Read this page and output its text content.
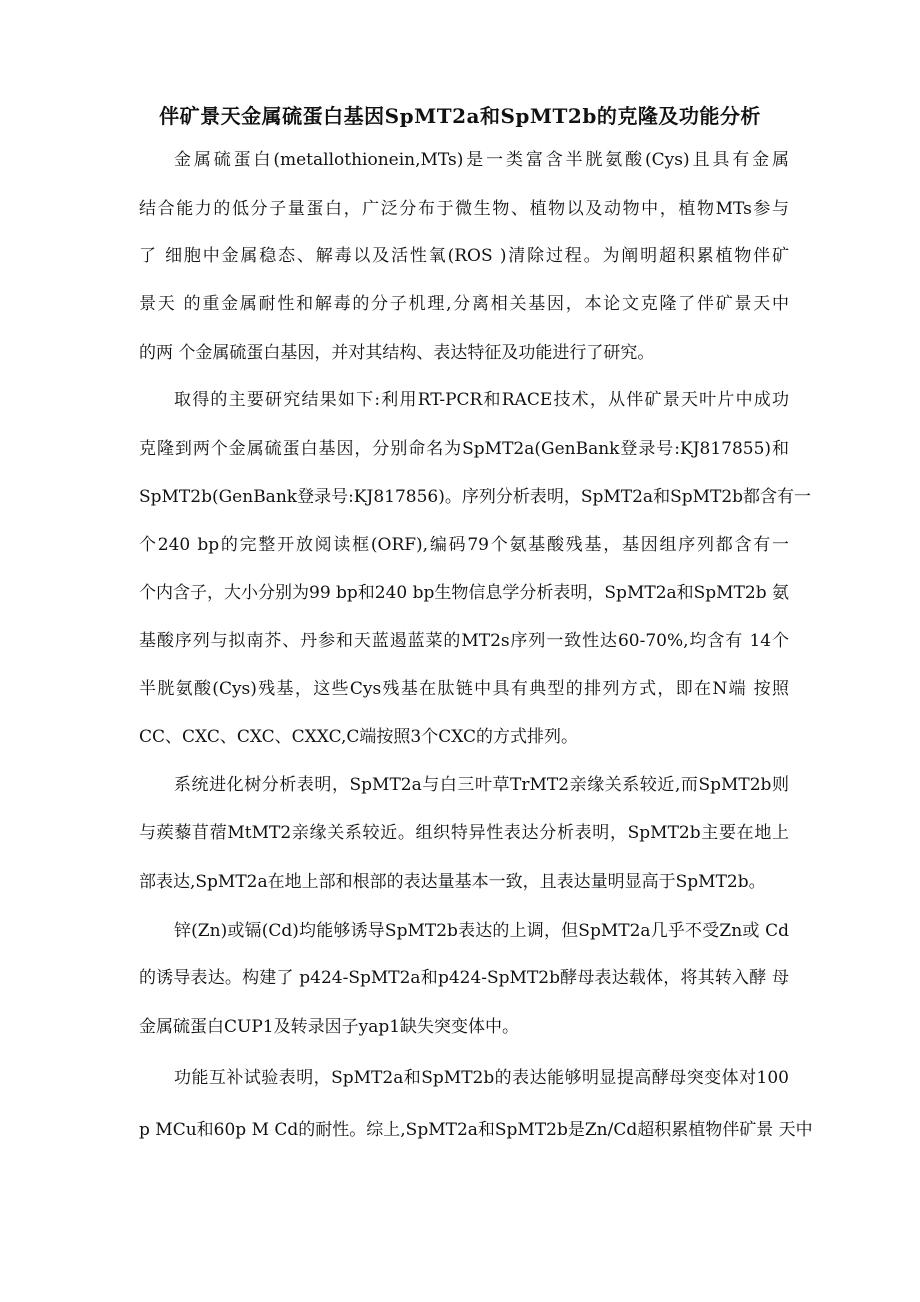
伴矿景天金属硫蛋白基因SpMT2a和SpMT2b的克隆及功能分析
金属硫蛋白(metallothionein,MTs)是一类富含半胱氨酸(Cys)且具有金属
结合能力的低分子量蛋白，广泛分布于微生物、植物以及动物中，植物MTs参与
了 细胞中金属稳态、解毒以及活性氧(ROS )清除过程。为阐明超积累植物伴矿
景天 的重金属耐性和解毒的分子机理,分离相关基因，本论文克隆了伴矿景天中
的两 个金属硫蛋白基因，并对其结构、表达特征及功能进行了研究。
取得的主要研究结果如下:利用RT-PCR和RACE技术，从伴矿景天叶片中成功
克隆到两个金属硫蛋白基因，分别命名为SpMT2a(GenBank登录号:KJ817855)和
SpMT2b(GenBank登录号:KJ817856)。序列分析表明，SpMT2a和SpMT2b都含有一
个240 bp的完整开放阅读框(ORF),编码79个氨基酸残基，基因组序列都含有一
个内含子，大小分别为99 bp和240 bp生物信息学分析表明，SpMT2a和SpMT2b 氨
基酸序列与拟南芥、丹参和天蓝遏蓝菜的MT2s序列一致性达60-70%,均含有 14个
半胱氨酸(Cys)残基，这些Cys残基在肽链中具有典型的排列方式，即在N端 按照
CC、CXC、CXC、CXXC,C端按照3个CXC的方式排列。
系统进化树分析表明，SpMT2a与白三叶草TrMT2亲缘关系较近,而SpMT2b则
与蒺藜苜蓿MtMT2亲缘关系较近。组织特异性表达分析表明，SpMT2b主要在地上
部表达,SpMT2a在地上部和根部的表达量基本一致，且表达量明显高于SpMT2b。
锌(Zn)或镉(Cd)均能够诱导SpMT2b表达的上调，但SpMT2a几乎不受Zn或 Cd
的诱导表达。构建了 p424-SpMT2a和p424-SpMT2b酵母表达载体，将其转入酵 母
金属硫蛋白CUP1及转录因子yap1缺失突变体中。
功能互补试验表明，SpMT2a和SpMT2b的表达能够明显提高酵母突变体对100
p MCu和60p M Cd的耐性。综上,SpMT2a和SpMT2b是Zn/Cd超积累植物伴矿景 天中
